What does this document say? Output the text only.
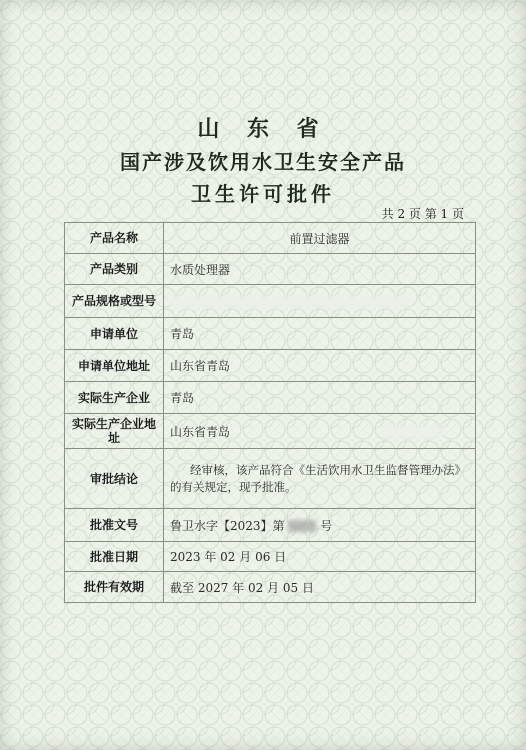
山 东 省
国产涉及饮用水卫生安全产品
卫生许可批件
共 2 页 第 1 页
产品名称	前置过滤器
产品类别	水质处理器
产品规格或型号	
申请单位	青岛
申请单位地址	山东省青岛
实际生产企业	青岛
实际生产企业地址	山东省青岛
审批结论	经审核，该产品符合《生活饮用水卫生监督管理办法》
的有关规定，现予批准。

批准文号	鲁卫水字【2023】第 号
批准日期	2023 年 02 月 06 日
批件有效期	截至 2027 年 02 月 05 日
